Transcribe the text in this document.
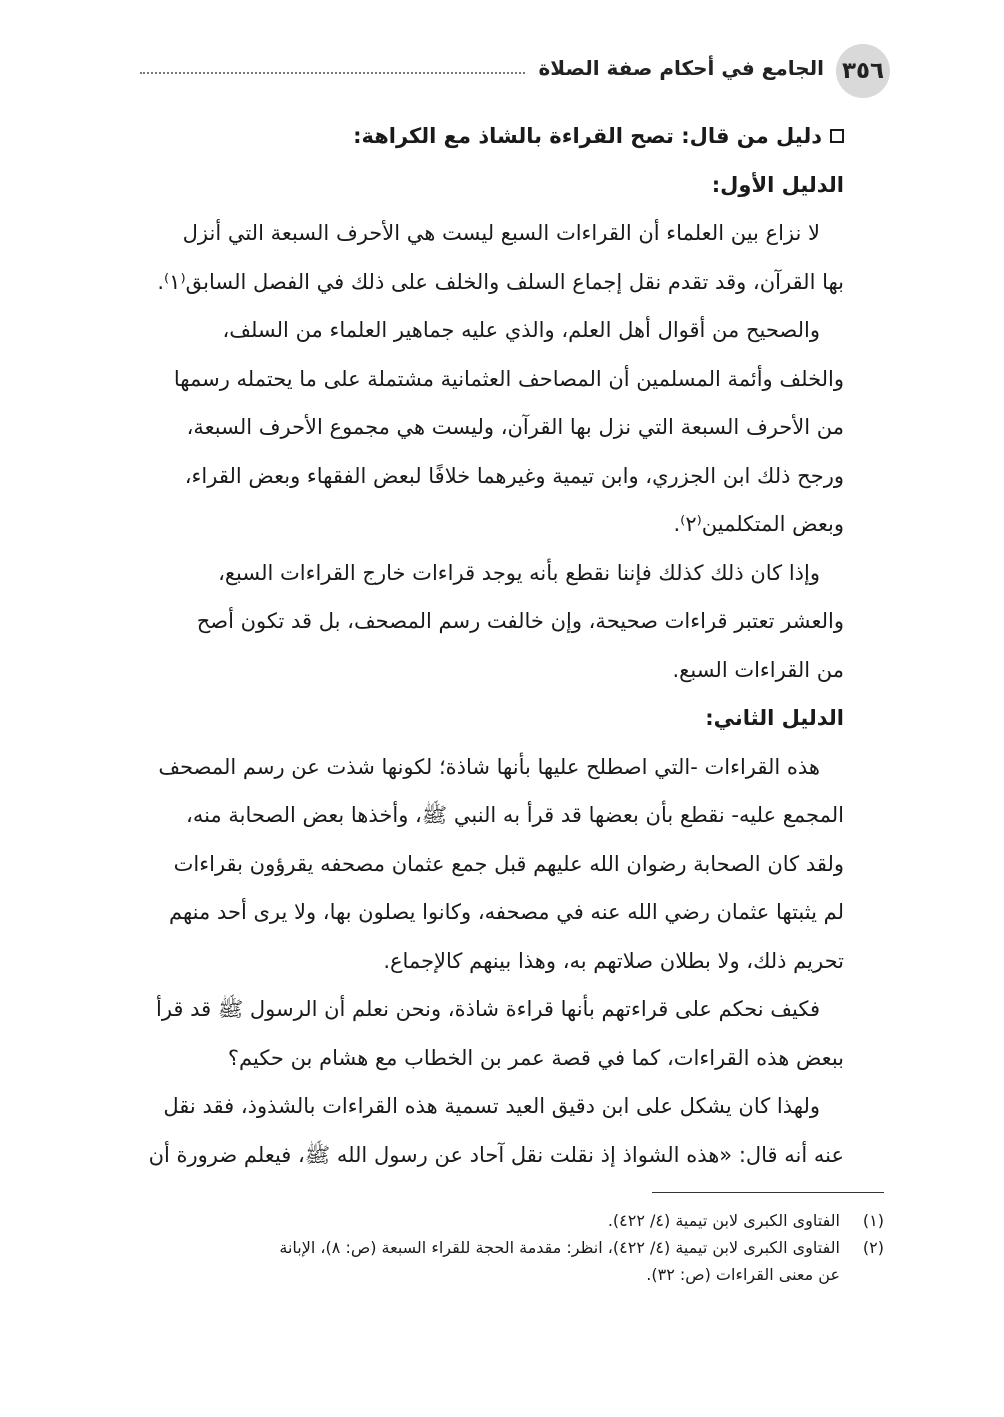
٣٥٦
الجامع في أحكام صفة الصلاة
دليل من قال: تصح القراءة بالشاذ مع الكراهة:
الدليل الأول:
لا نزاع بين العلماء أن القراءات السبع ليست هي الأحرف السبعة التي أنزل
بها القرآن، وقد تقدم نقل إجماع السلف والخلف على ذلك في الفصل السابق⁽١⁾.
والصحيح من أقوال أهل العلم، والذي عليه جماهير العلماء من السلف،
والخلف وأئمة المسلمين أن المصاحف العثمانية مشتملة على ما يحتمله رسمها
من الأحرف السبعة التي نزل بها القرآن، وليست هي مجموع الأحرف السبعة،
ورجح ذلك ابن الجزري، وابن تيمية وغيرهما خلافًا لبعض الفقهاء وبعض القراء،
وبعض المتكلمين⁽٢⁾.
وإذا كان ذلك كذلك فإننا نقطع بأنه يوجد قراءات خارج القراءات السبع،
والعشر تعتبر قراءات صحيحة، وإن خالفت رسم المصحف، بل قد تكون أصح
من القراءات السبع.
الدليل الثاني:
هذه القراءات -التي اصطلح عليها بأنها شاذة؛ لكونها شذت عن رسم المصحف
المجمع عليه- نقطع بأن بعضها قد قرأ به النبي ﷺ، وأخذها بعض الصحابة منه،
ولقد كان الصحابة رضوان الله عليهم قبل جمع عثمان مصحفه يقرؤون بقراءات
لم يثبتها عثمان رضي الله عنه في مصحفه، وكانوا يصلون بها، ولا يرى أحد منهم
تحريم ذلك، ولا بطلان صلاتهم به، وهذا بينهم كالإجماع.
فكيف نحكم على قراءتهم بأنها قراءة شاذة، ونحن نعلم أن الرسول ﷺ قد قرأ
ببعض هذه القراءات، كما في قصة عمر بن الخطاب مع هشام بن حكيم؟
ولهذا كان يشكل على ابن دقيق العيد تسمية هذه القراءات بالشذوذ، فقد نقل
عنه أنه قال: «هذه الشواذ إذ نقلت نقل آحاد عن رسول الله ﷺ، فيعلم ضرورة أن
(١)الفتاوى الكبرى لابن تيمية (٤/ ٤٢٢).
(٢)الفتاوى الكبرى لابن تيمية (٤/ ٤٢٢)، انظر: مقدمة الحجة للقراء السبعة (ص: ٨)، الإبانة
عن معنى القراءات (ص: ٣٢).
